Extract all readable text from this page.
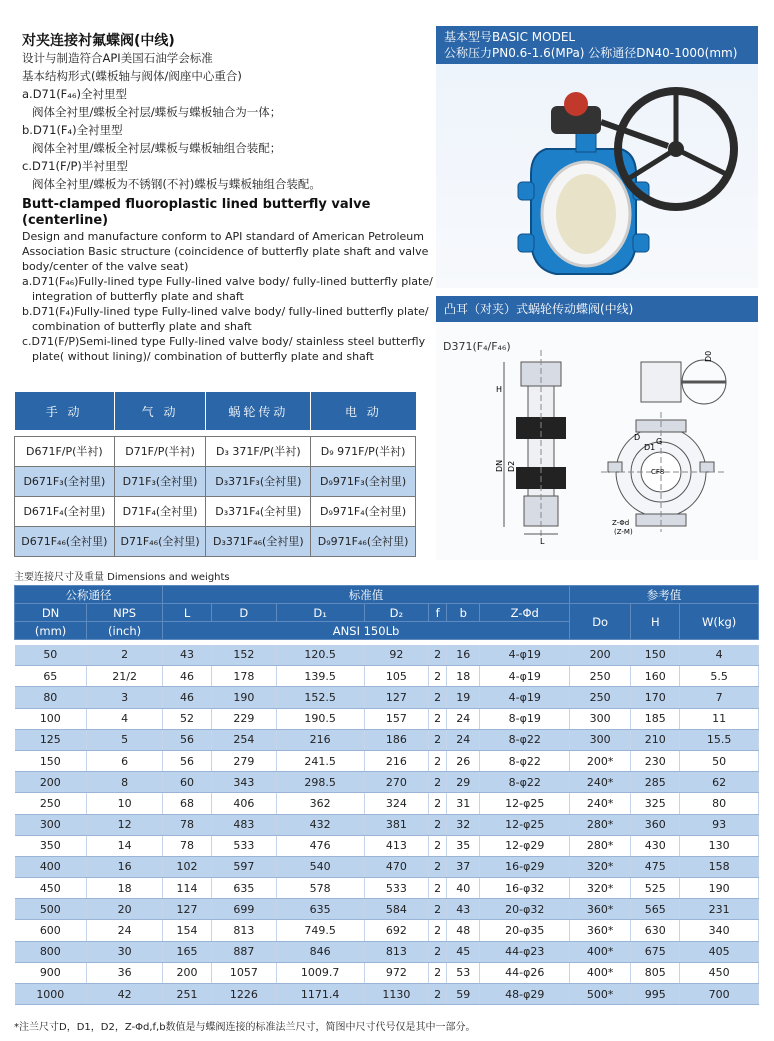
对夹连接衬氟蝶阀(中线)
设计与制造符合API美国石油学会标准
基本结构形式(蝶板轴与阀体/阀座中心重合)
a.D71(F₄₆)全衬里型
阀体全衬里/蝶板全衬层/蝶板与蝶板轴合为一体；
b.D71(F₄)全衬里型
阀体全衬里/蝶板全衬层/蝶板与蝶板轴组合装配；
c.D71(F/P)半衬里型
阀体全衬里/蝶板为不锈钢(不衬)蝶板与蝶板轴组合装配。
Butt-clamped fluoroplastic lined butterfly valve
(centerline)
Design and manufacture conform to API standard of American Petroleum
Association Basic structure (coincidence of butterfly plate shaft and valve
body/center of the valve seat)
a.D71(F₄₆)Fully-lined type Fully-lined valve body/ fully-lined butterfly plate/
integration of butterfly plate and shaft
b.D71(F₄)Fully-lined type Fully-lined valve body/ fully-lined butterfly plate/
combination of butterfly plate and shaft
c.D71(F/P)Semi-lined type Fully-lined valve body/ stainless steel butterfly
plate( without lining)/ combination of butterfly plate and shaft
基本型号BASIC MODEL
公称压力PN0.6-1.6(MPa) 公称通径DN40-1000(mm)
凸耳（对夹）式蜗轮传动蝶阀(中线)
H
DN D2
L
D0
D
D1
G
Z-Φd
(Z-M)
CF8
D371(F₄/F₄₆)
手 动	气 动	蜗轮传动	电 动

D671F/P(半衬)	D71F/P(半衬)	D₃ 371F/P(半衬)	D₉ 971F/P(半衬)
D671F₃(全衬里)	D71F₃(全衬里)	D₃371F₃(全衬里)	D₉971F₃(全衬里)
D671F₄(全衬里)	D71F₄(全衬里)	D₃371F₄(全衬里)	D₉971F₄(全衬里)
D671F₄₆(全衬里)	D71F₄₆(全衬里)	D₃371F₄₆(全衬里)	D₉971F₄₆(全衬里)
主要连接尺寸及重量 Dimensions and weights
公称通径		标准值							参考值		
DN	NPS	L	D	D₁	D₂	f	b	Z-Φd	Do	H	W(kg)
(mm)	(inch)	ANSI 150Lb									

50	2	43	152	120.5	92	2	16	4-φ19	200	150	4
65	21/2	46	178	139.5	105	2	18	4-φ19	250	160	5.5
80	3	46	190	152.5	127	2	19	4-φ19	250	170	7
100	4	52	229	190.5	157	2	24	8-φ19	300	185	11
125	5	56	254	216	186	2	24	8-φ22	300	210	15.5
150	6	56	279	241.5	216	2	26	8-φ22	200*	230	50
200	8	60	343	298.5	270	2	29	8-φ22	240*	285	62
250	10	68	406	362	324	2	31	12-φ25	240*	325	80
300	12	78	483	432	381	2	32	12-φ25	280*	360	93
350	14	78	533	476	413	2	35	12-φ29	280*	430	130
400	16	102	597	540	470	2	37	16-φ29	320*	475	158
450	18	114	635	578	533	2	40	16-φ32	320*	525	190
500	20	127	699	635	584	2	43	20-φ32	360*	565	231
600	24	154	813	749.5	692	2	48	20-φ35	360*	630	340
800	30	165	887	846	813	2	45	44-φ23	400*	675	405
900	36	200	1057	1009.7	972	2	53	44-φ26	400*	805	450
1000	42	251	1226	1171.4	1130	2	59	48-φ29	500*	995	700
*注兰尺寸D，D1，D2，Z-Φd,f,b数值是与蝶阀连接的标准法兰尺寸，简图中尺寸代号仅是其中一部分。
